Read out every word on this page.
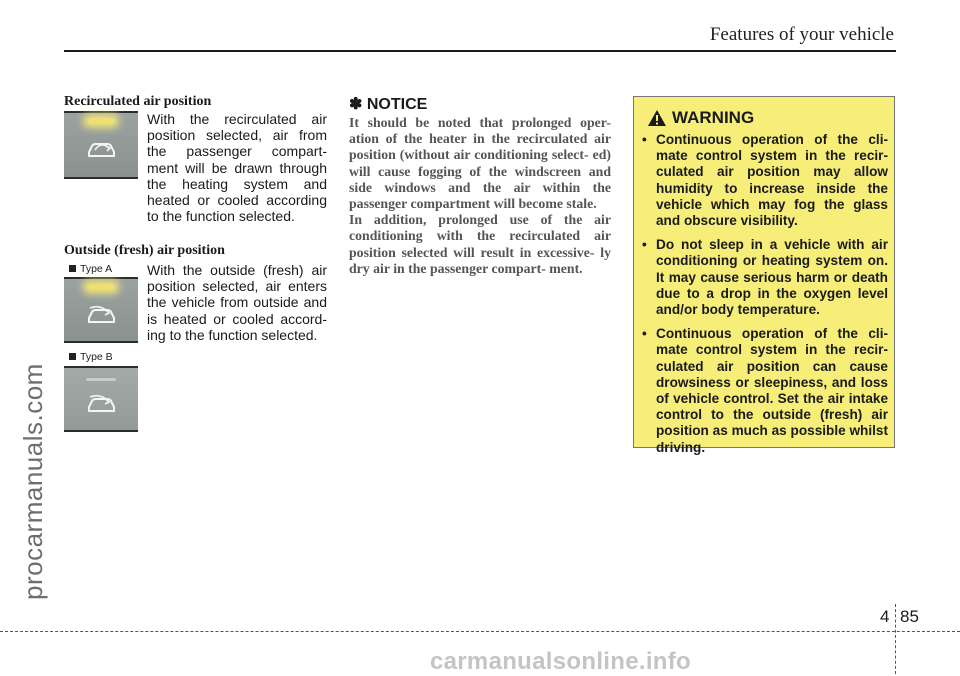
Features of your vehicle
procarmanuals.com
Recirculated air position
With the recirculated air position selected, air from the passenger compart- ment will be drawn through the heating system and heated or cooled according to the function selected.
Outside (fresh) air position
Type A With the outside (fresh) air position selected, air enters the vehicle from outside and is heated or cooled accord- ing to the function selected.
Type B
✽ NOTICE

It should be noted that prolonged oper- ation of the heater in the recirculated air position (without air conditioning select- ed) will cause fogging of the windscreen and side windows and the air within the passenger compartment will become stale.

In addition, prolonged use of the air conditioning with the recirculated air position selected will result in excessive- ly dry air in the passenger compart- ment.

WARNING
• Continuous operation of the cli- mate control system in the recir- culated air position may allow humidity to increase inside the vehicle which may fog the glass and obscure visibility.
• Do not sleep in a vehicle with air conditioning or heating system on. It may cause serious harm or death due to a drop in the oxygen level and/or body temperature.
• Continuous operation of the cli- mate control system in the recir- culated air position can cause drowsiness or sleepiness, and loss of vehicle control. Set the air intake control to the outside (fresh) air position as much as possible whilst driving.
4 85
carmanualsonline.info
